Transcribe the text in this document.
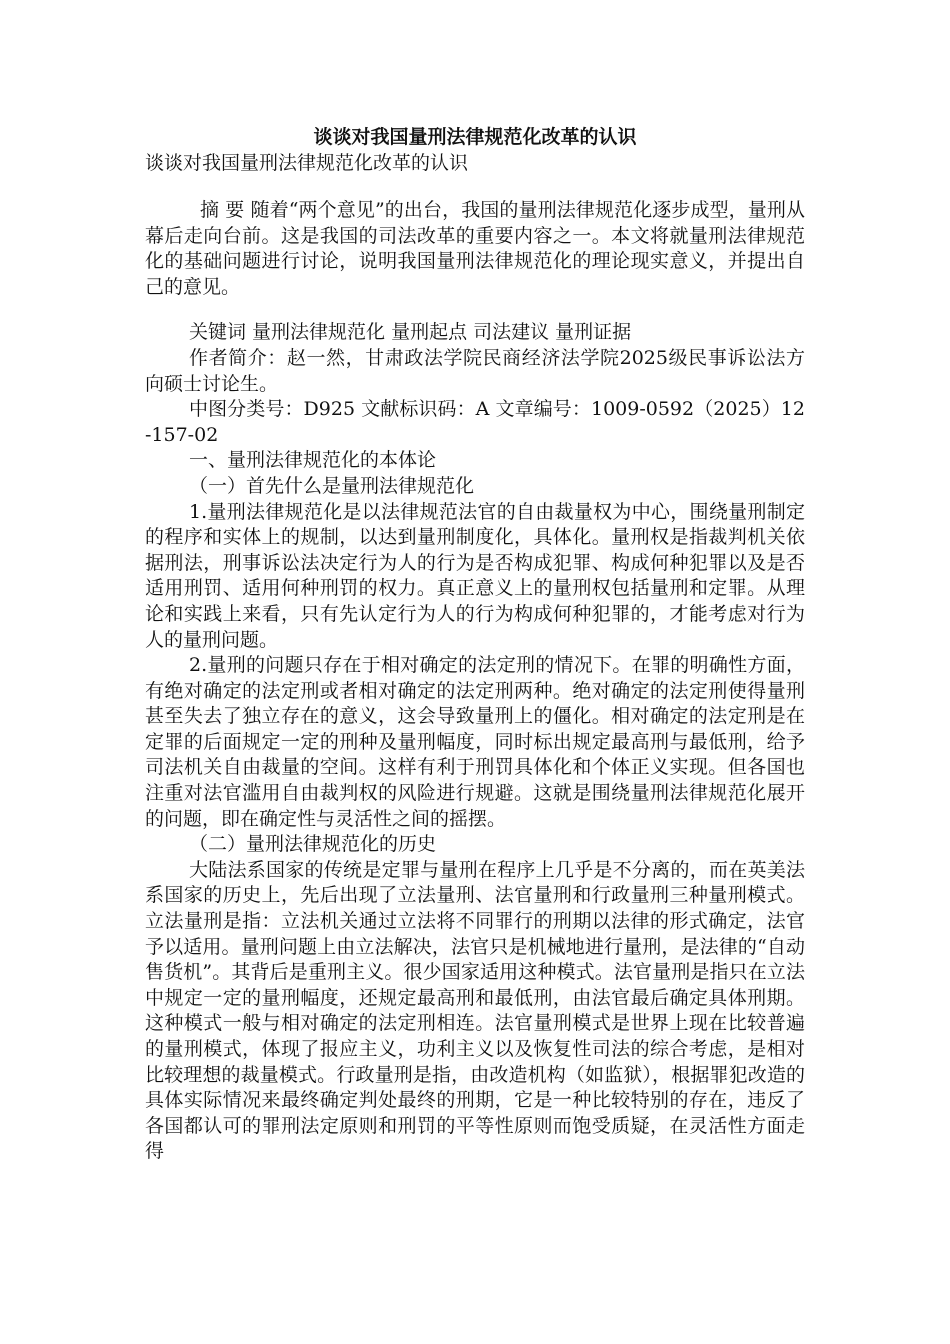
谈谈对我国量刑法律规范化改革的认识
谈谈对我国量刑法律规范化改革的认识

摘 要 随着“两个意见”的出台，我国的量刑法律规范化逐步成型，量刑从幕后走向台前。这是我国的司法改革的重要内容之一。本文将就量刑法律规范化的基础问题进行讨论，说明我国量刑法律规范化的理论现实意义，并提出自己的意见。

关键词 量刑法律规范化 量刑起点 司法建议 量刑证据

作者简介：赵一然，甘肃政法学院民商经济法学院2025级民事诉讼法方向硕士讨论生。

中图分类号：D925 文献标识码：A 文章编号：1009-0592（2025）12-157-02

一、量刑法律规范化的本体论

（一）首先什么是量刑法律规范化

1.量刑法律规范化是以法律规范法官的自由裁量权为中心，围绕量刑制定的程序和实体上的规制，以达到量刑制度化，具体化。量刑权是指裁判机关依据刑法，刑事诉讼法决定行为人的行为是否构成犯罪、构成何种犯罪以及是否适用刑罚、适用何种刑罚的权力。真正意义上的量刑权包括量刑和定罪。从理论和实践上来看，只有先认定行为人的行为构成何种犯罪的，才能考虑对行为人的量刑问题。

2.量刑的问题只存在于相对确定的法定刑的情况下。在罪的明确性方面，有绝对确定的法定刑或者相对确定的法定刑两种。绝对确定的法定刑使得量刑甚至失去了独立存在的意义，这会导致量刑上的僵化。相对确定的法定刑是在定罪的后面规定一定的刑种及量刑幅度，同时标出规定最高刑与最低刑，给予司法机关自由裁量的空间。这样有利于刑罚具体化和个体正义实现。但各国也注重对法官滥用自由裁判权的风险进行规避。这就是围绕量刑法律规范化展开的问题，即在确定性与灵活性之间的摇摆。

（二）量刑法律规范化的历史

大陆法系国家的传统是定罪与量刑在程序上几乎是不分离的，而在英美法系国家的历史上，先后出现了立法量刑、法官量刑和行政量刑三种量刑模式。立法量刑是指：立法机关通过立法将不同罪行的刑期以法律的形式确定，法官予以适用。量刑问题上由立法解决，法官只是机械地进行量刑，是法律的“自动售货机”。其背后是重刑主义。很少国家适用这种模式。法官量刑是指只在立法中规定一定的量刑幅度，还规定最高刑和最低刑，由法官最后确定具体刑期。这种模式一般与相对确定的法定刑相连。法官量刑模式是世界上现在比较普遍的量刑模式，体现了报应主义，功利主义以及恢复性司法的综合考虑，是相对比较理想的裁量模式。行政量刑是指，由改造机构（如监狱），根据罪犯改造的具体实际情况来最终确定判处最终的刑期，它是一种比较特别的存在，违反了各国都认可的罪刑法定原则和刑罚的平等性原则而饱受质疑，在灵活性方面走得
